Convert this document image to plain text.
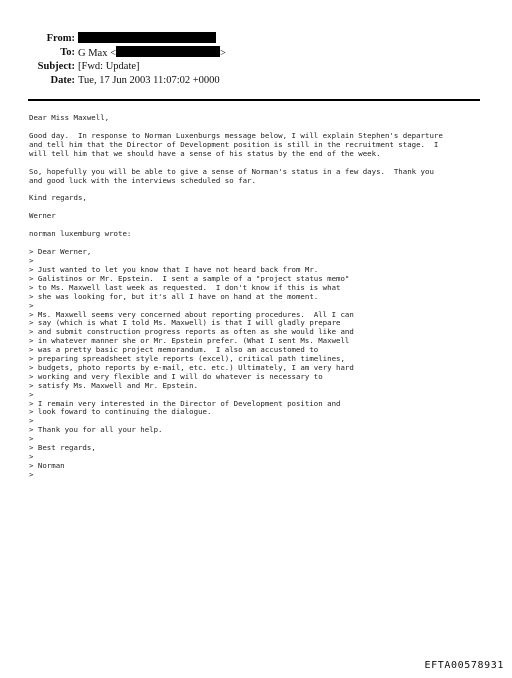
From:
To: G Max <	>
Subject: [Fwd: Update]
Date: Tue, 17 Jun 2003 11:07:02 +0000
Dear Miss Maxwell,
Good day.  In response to Norman Luxenburgs message below, I will explain Stephen's departure
and tell him that the Director of Development position is still in the recruitment stage.  I
will tell him that we should have a sense of his status by the end of the week.
So, hopefully you will be able to give a sense of Norman's status in a few days.  Thank you
and good luck with the interviews scheduled so far.
Kind regards,
Werner
norman luxemburg wrote:
> Dear Werner,
>
> Just wanted to let you know that I have not heard back from Mr.
> Galistinos or Mr. Epstein.  I sent a sample of a "project status memo"
> to Ms. Maxwell last week as requested.  I don't know if this is what
> she was looking for, but it's all I have on hand at the moment.
>
> Ms. Maxwell seems very concerned about reporting procedures.  All I can
> say (which is what I told Ms. Maxwell) is that I will gladly prepare
> and submit construction progress reports as often as she would like and
> in whatever manner she or Mr. Epstein prefer. (What I sent Ms. Maxwell
> was a pretty basic project memorandum.  I also am accustomed to
> preparing spreadsheet style reports (excel), critical path timelines,
> budgets, photo reports by e-mail, etc. etc.) Ultimately, I am very hard
> working and very flexible and I will do whatever is necessary to
> satisfy Ms. Maxwell and Mr. Epstein.
>
> I remain very interested in the Director of Development position and
> look foward to continuing the dialogue.
>
> Thank you for all your help.
>
> Best regards,
>
> Norman
>
EFTA00578931
